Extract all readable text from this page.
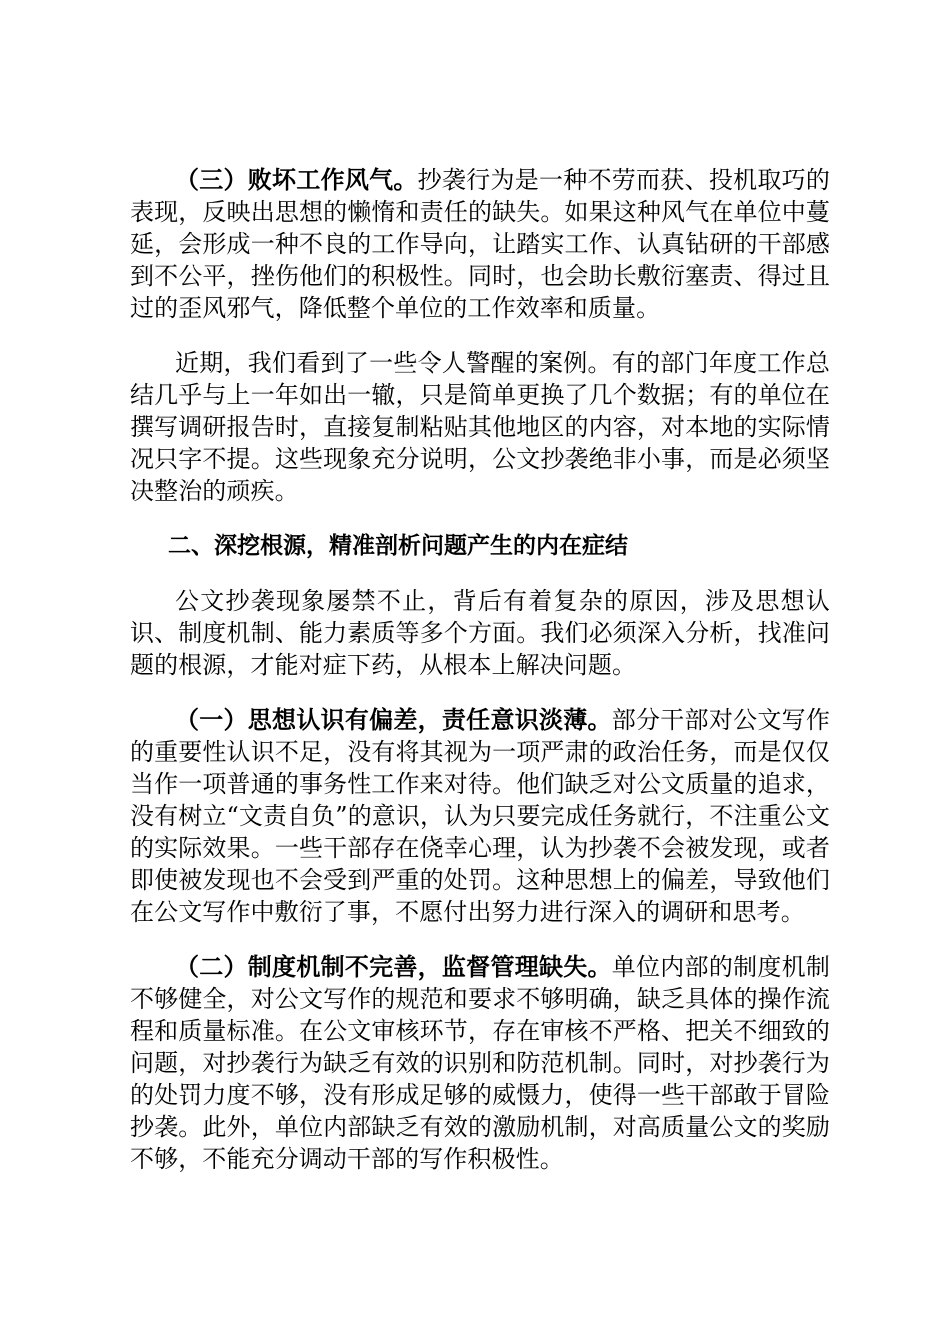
（三）败坏工作风气。抄袭行为是一种不劳而获、投机取巧的表现，反映出思想的懒惰和责任的缺失。如果这种风气在单位中蔓延，会形成一种不良的工作导向，让踏实工作、认真钻研的干部感到不公平，挫伤他们的积极性。同时，也会助长敷衍塞责、得过且过的歪风邪气，降低整个单位的工作效率和质量。

近期，我们看到了一些令人警醒的案例。有的部门年度工作总结几乎与上一年如出一辙，只是简单更换了几个数据；有的单位在撰写调研报告时，直接复制粘贴其他地区的内容，对本地的实际情况只字不提。这些现象充分说明，公文抄袭绝非小事，而是必须坚决整治的顽疾。

二、深挖根源，精准剖析问题产生的内在症结

公文抄袭现象屡禁不止，背后有着复杂的原因，涉及思想认识、制度机制、能力素质等多个方面。我们必须深入分析，找准问题的根源，才能对症下药，从根本上解决问题。

（一）思想认识有偏差，责任意识淡薄。部分干部对公文写作的重要性认识不足，没有将其视为一项严肃的政治任务，而是仅仅当作一项普通的事务性工作来对待。他们缺乏对公文质量的追求，没有树立“文责自负”的意识，认为只要完成任务就行，不注重公文的实际效果。一些干部存在侥幸心理，认为抄袭不会被发现，或者即使被发现也不会受到严重的处罚。这种思想上的偏差，导致他们在公文写作中敷衍了事，不愿付出努力进行深入的调研和思考。

（二）制度机制不完善，监督管理缺失。单位内部的制度机制不够健全，对公文写作的规范和要求不够明确，缺乏具体的操作流程和质量标准。在公文审核环节，存在审核不严格、把关不细致的问题，对抄袭行为缺乏有效的识别和防范机制。同时，对抄袭行为的处罚力度不够，没有形成足够的威慑力，使得一些干部敢于冒险抄袭。此外，单位内部缺乏有效的激励机制，对高质量公文的奖励不够，不能充分调动干部的写作积极性。
